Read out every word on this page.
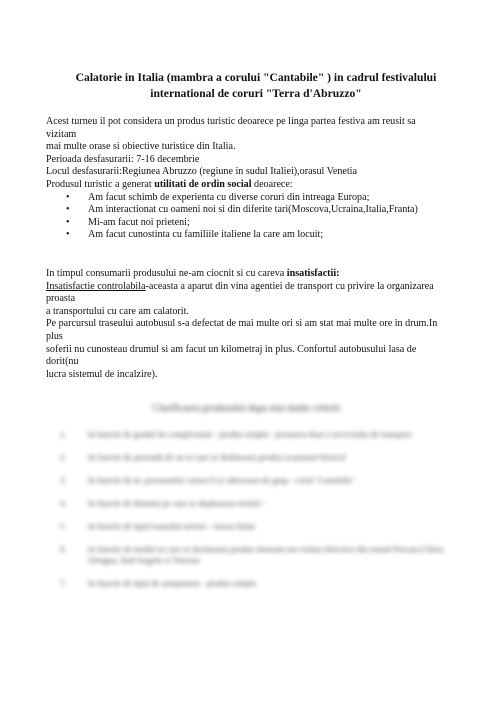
Calatorie in Italia (mambra a corului "Cantabile" ) in cadrul festivalului
international de coruri "Terra d'Abruzzo"

Acest turneu il pot considera un produs turistic deoarece pe linga partea festiva am reusit sa vizitam

mai multe orase si obiective turistice din Italia.

Perioada desfasurarii: 7-16 decembrie

Locul desfasurarii:Regiunea Abruzzo (regiune in sudul Italiei),orasul Venetia

Produsul turistic a generat utilitati de ordin social deoarece:

• Am facut schimb de experienta cu diverse coruri din intreaga Europa;
• Am interactionat cu oameni noi si din diferite tari(Moscova,Ucraina,Italia,Franta)
• Mi-am facut noi prieteni;
• Am facut cunostinta cu familiile italiene la care am locuit;

In timpul consumarii produsului ne-am ciocnit si cu careva insatisfactii:

Insatisfactie controlabila-aceasta a aparut din vina agentiei de transport cu privire la organizarea proasta

a transportului cu care am calatorit.

Pe parcursul traseului autobusul s-a defectat de mai multe ori si am stat mai multe ore in drum.In plus

soferii nu cunosteau drumul si am facut un kilometraj in plus. Confortul autobusului lasa de dorit(nu

lucra sistemul de incalzire).

Clasificarea produsului dupa mai multe criterii:
1.	In functie de gradul de complexitate - produs simplu - prestarea doar a serviciului de transport
2.	In functie de perioada de an in care se desfasoara produs ocazional-festival
3.	In functie de nr. persoanelor carora li se adreseaza de grup - corul "Cantabile"
4.	In functie de distanta pe care se deplaseaza turistii -
5.	In functie de tipul traseului turistic - traseu liniar
6.	In functie de modul in care se desfasoara produs itinerant am vizitat obiective din orasul Pescara,Chieti, Ortogna, Sant'Angelo si Venezia
7.	In functie de tipul de aranjament - produs simplu
